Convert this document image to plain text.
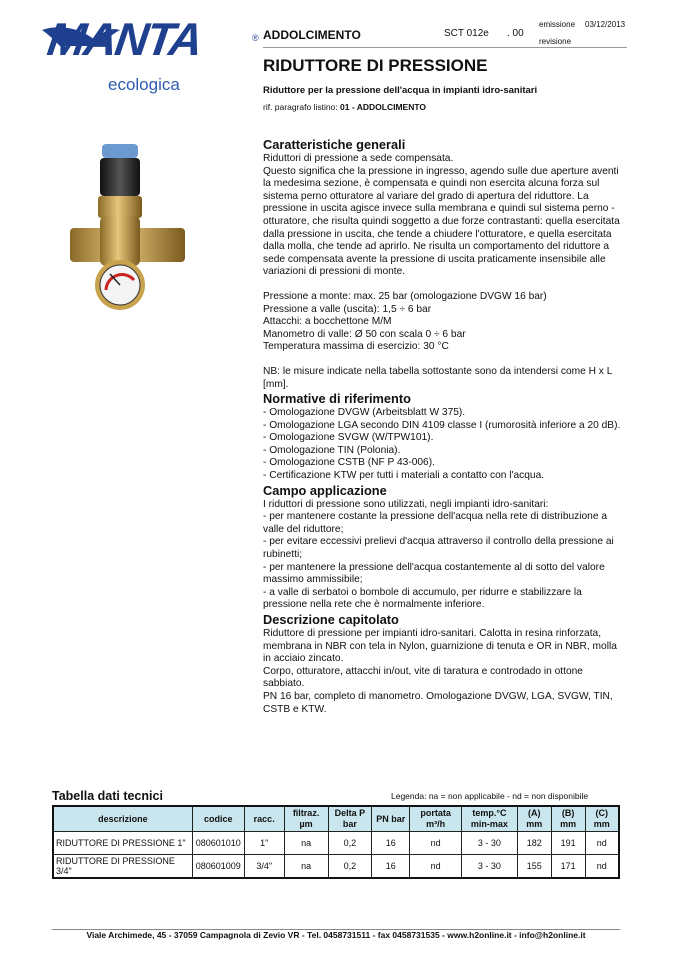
MANTA	®
ecologica
ADDOLCIMENTO	SCT 012e . 00
emissione 03/12/2013
revisione
RIDUTTORE DI PRESSIONE
Riduttore per la pressione dell'acqua in impianti idro-sanitari
rif. paragrafo listino: 01 - ADDOLCIMENTO
Caratteristiche generali

Riduttori di pressione a sede compensata.

Questo significa che la pressione in ingresso, agendo sulle due aperture aventi la medesima sezione, è compensata e quindi non esercita alcuna forza sul sistema perno otturatore al variare del grado di apertura del riduttore. La pressione in uscita agisce invece sulla membrana e quindi sul sistema perno - otturatore, che risulta quindi soggetto a due forze contrastanti: quella esercitata dalla pressione in uscita, che tende a chiudere l'otturatore, e quella esercitata dalla molla, che tende ad aprirlo. Ne risulta un comportamento del riduttore a sede compensata avente la pressione di uscita praticamente insensibile alle variazioni di pressioni di monte.

Pressione a monte: max. 25 bar (omologazione DVGW 16 bar)

Pressione a valle (uscita): 1,5 ÷ 6 bar

Attacchi: a bocchettone M/M

Manometro di valle: Ø 50 con scala 0 ÷ 6 bar

Temperatura massima di esercizio: 30 °C

NB: le misure indicate nella tabella sottostante sono da intendersi come H x L [mm].

Normative di riferimento

- Omologazione DVGW (Arbeitsblatt W 375).

- Omologazione LGA secondo DIN 4109 classe I (rumorosità inferiore a 20 dB).

- Omologazione SVGW (W/TPW101).

- Omologazione TIN (Polonia).

- Omologazione CSTB (NF P 43-006).

- Certificazione KTW per tutti i materiali a contatto con l'acqua.

Campo applicazione

I riduttori di pressione sono utilizzati, negli impianti idro-sanitari:

- per mantenere costante la pressione dell'acqua nella rete di distribuzione a valle del riduttore;

- per evitare eccessivi prelievi d'acqua attraverso il controllo della pressione ai rubinetti;

- per mantenere la pressione dell'acqua costantemente al di sotto del valore massimo ammissibile;

- a valle di serbatoi o bombole di accumulo, per ridurre e stabilizzare la pressione nella rete che è normalmente inferiore.

Descrizione capitolato

Riduttore di pressione per impianti idro-sanitari. Calotta in resina rinforzata, membrana in NBR con tela in Nylon, guarnizione di tenuta e OR in NBR, molla in acciaio zincato.

Corpo, otturatore, attacchi in/out, vite di taratura e controdado in ottone sabbiato.

PN 16 bar, completo di manometro. Omologazione DVGW, LGA, SVGW, TIN, CSTB e KTW.

Tabella dati tecnici	Legenda: na = non applicabile - nd = non disponibile
descrizione	codice	racc.	filtraz. µm	Delta P bar	PN bar	portata m³/h	temp.°C min-max	(A) mm	(B) mm	(C) mm
RIDUTTORE DI PRESSIONE 1"	080601010	1"	na	0,2	16	nd	3 - 30	182	191	nd
RIDUTTORE DI PRESSIONE 3/4"	080601009	3/4"	na	0,2	16	nd	3 - 30	155	171	nd
Viale Archimede, 45 - 37059 Campagnola di Zevio VR - Tel. 0458731511 - fax 0458731535 - www.h2online.it - info@h2online.it
